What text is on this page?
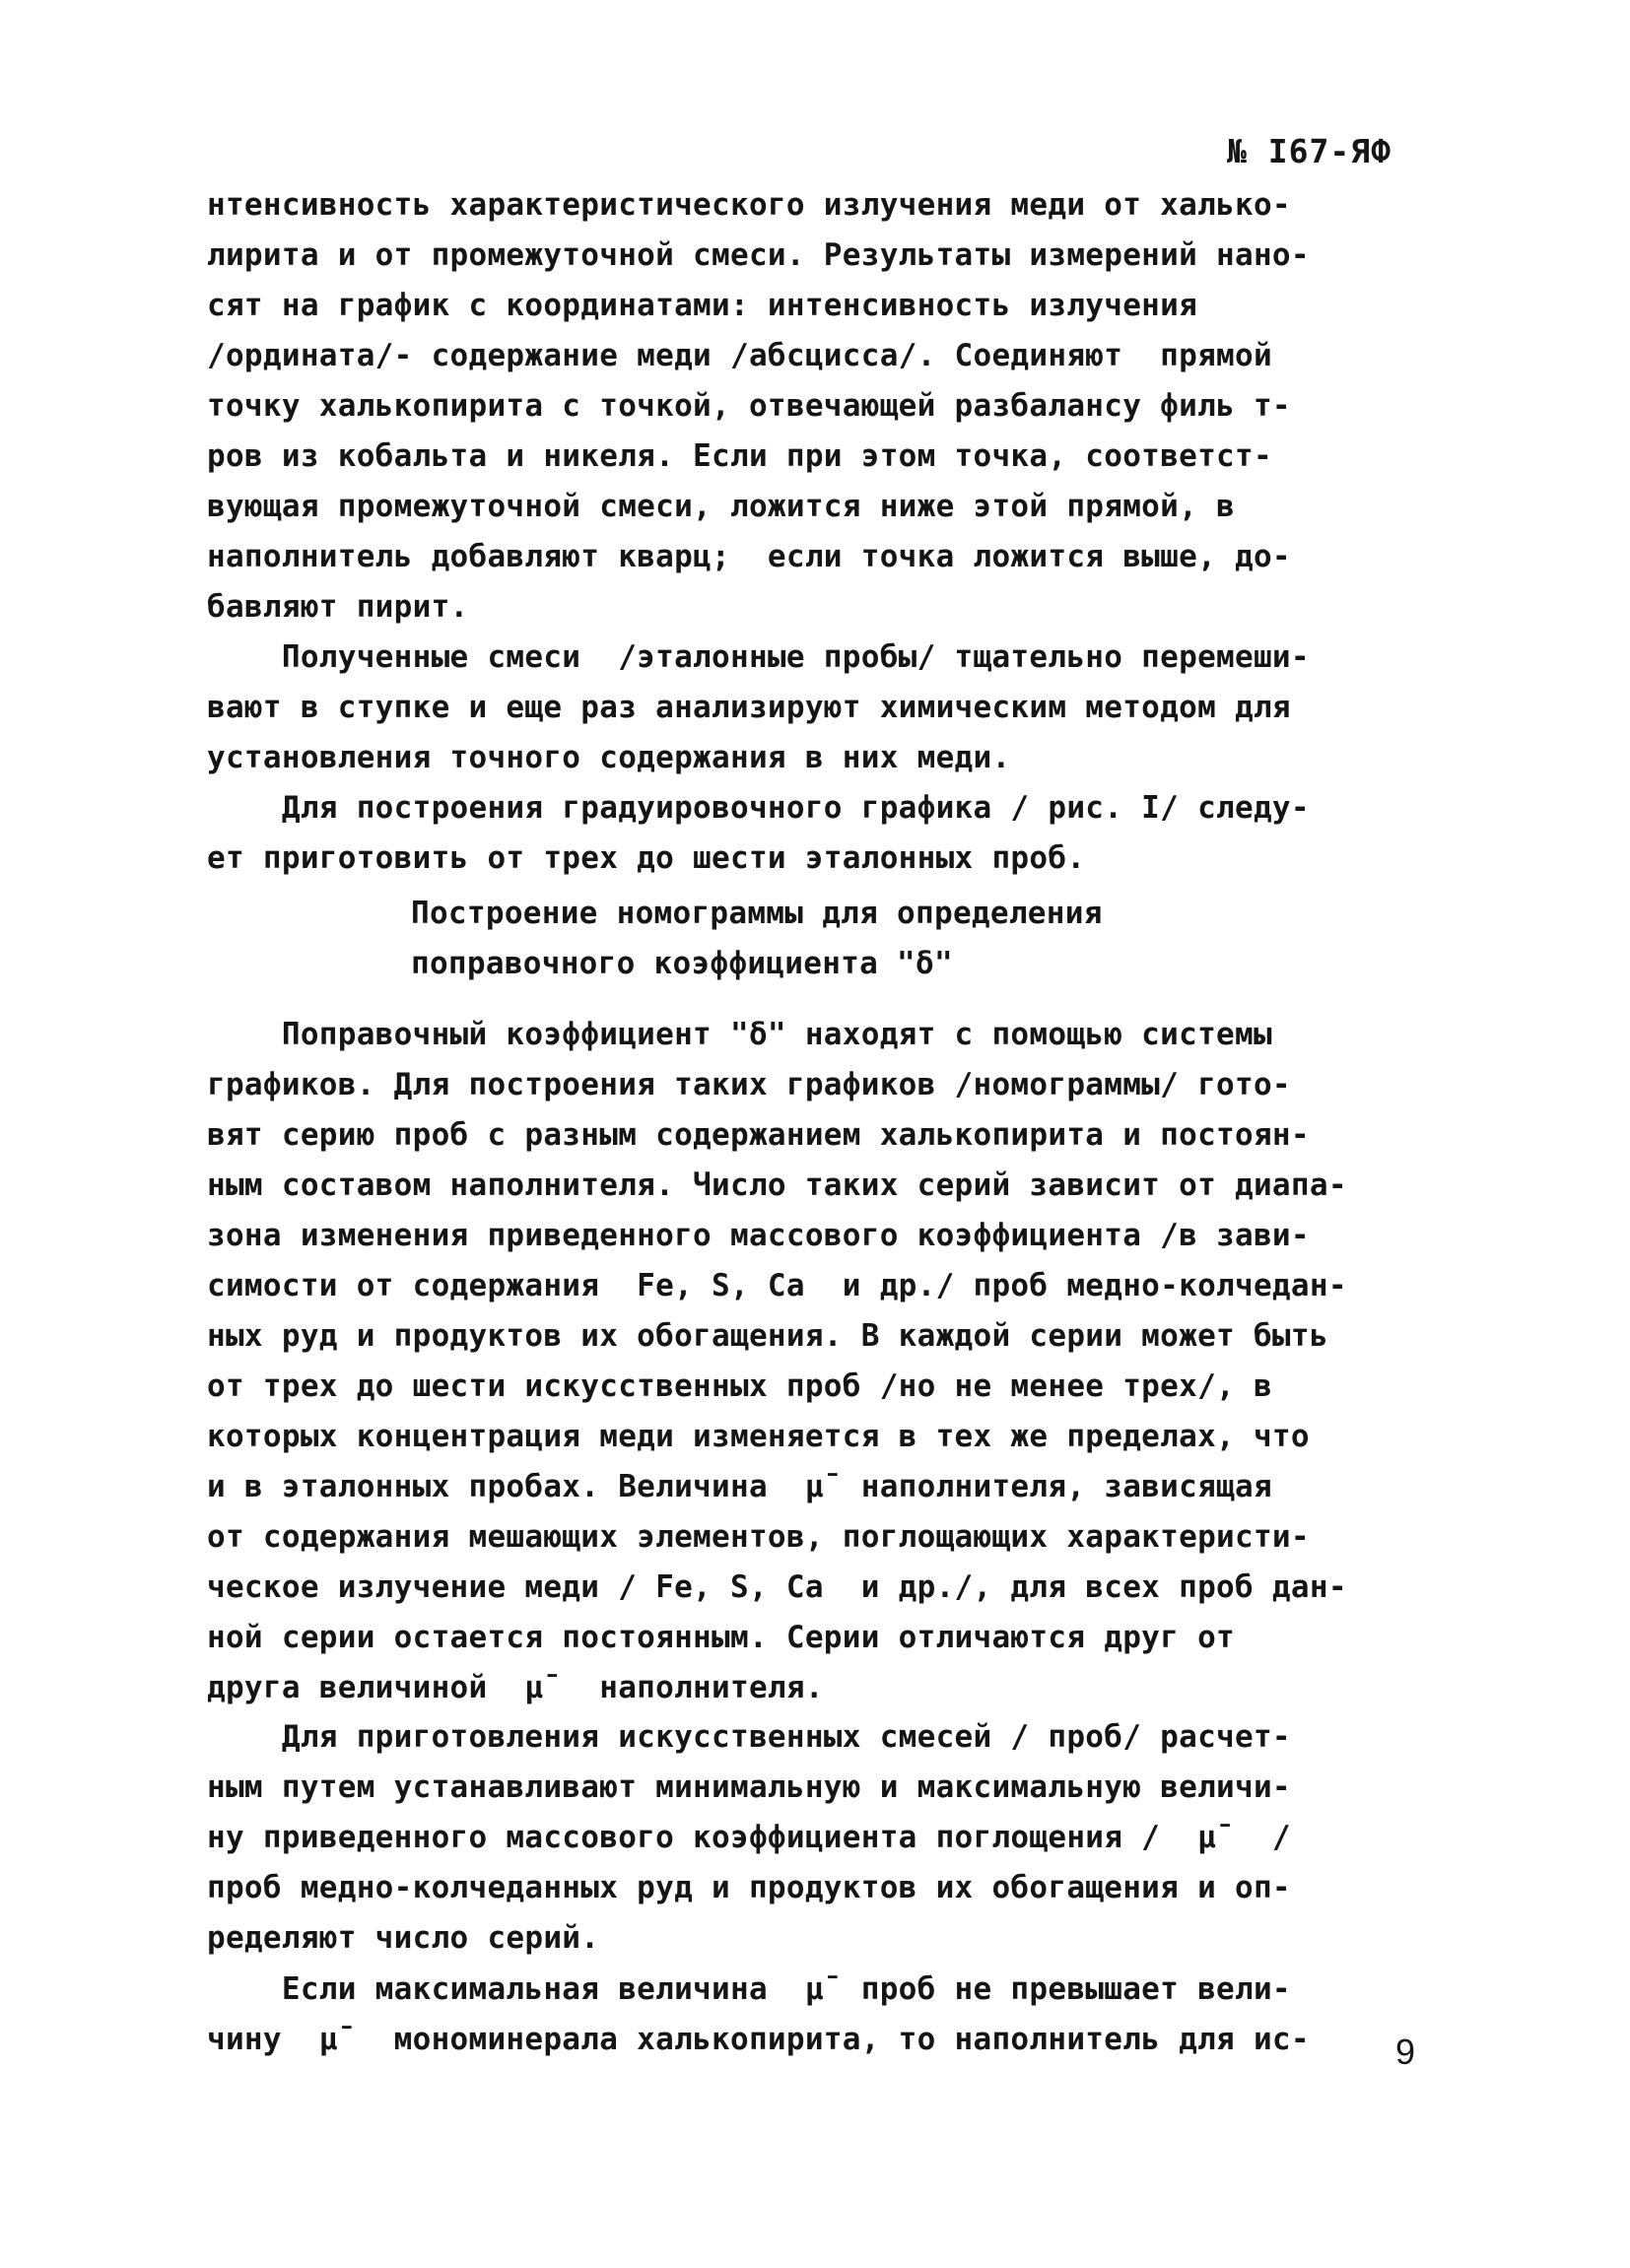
№ I67-ЯФ
нтенсивность характеристического излучения меди от халько-
лирита и от промежуточной смеси. Результаты измерений нано-
сят на график с координатами: интенсивность излучения
/ордината/- содержание меди /абсцисса/. Соединяют  прямой
точку халькопирита с точкой, отвечающей разбалансу филь т-
ров из кобальта и никеля. Если при этом точка, соответст-
вующая промежуточной смеси, ложится ниже этой прямой, в
наполнитель добавляют кварц;  если точка ложится выше, до-
бавляют пирит.
Полученные смеси  /эталонные пробы/ тщательно перемеши-
вают в ступке и еще раз анализируют химическим методом для
установления точного содержания в них меди.
Для построения градуировочного графика / рис. I/ следу-
ет приготовить от трех до шести эталонных проб.
Построение номограммы для определения
поправочного коэффициента "δ"
Поправочный коэффициент "δ" находят с помощью системы
графиков. Для построения таких графиков /номограммы/ гото-
вят серию проб с разным содержанием халькопирита и постоян-
ным составом наполнителя. Число таких серий зависит от диапа-
зона изменения приведенного массового коэффициента /в зави-
симости от содержания  Fe, S, Ca  и др./ проб медно-колчедан-
ных руд и продуктов их обогащения. В каждой серии может быть
от трех до шести искусственных проб /но не менее трех/, в
которых концентрация меди изменяется в тех же пределах, что
и в эталонных пробах. Величина  μ̄  наполнителя, зависящая
от содержания мешающих элементов, поглощающих характеристи-
ческое излучение меди / Fe, S, Ca  и др./, для всех проб дан-
ной серии остается постоянным. Серии отличаются друг от
друга величиной  μ̄   наполнителя.
Для приготовления искусственных смесей / проб/ расчет-
ным путем устанавливают минимальную и максимальную величи-
ну приведенного массового коэффициента поглощения /  μ̄   /
проб медно-колчеданных руд и продуктов их обогащения и оп-
ределяют число серий.
Если максимальная величина  μ̄  проб не превышает вели-
чину  μ̄   мономинерала халькопирита, то наполнитель для ис-	9
